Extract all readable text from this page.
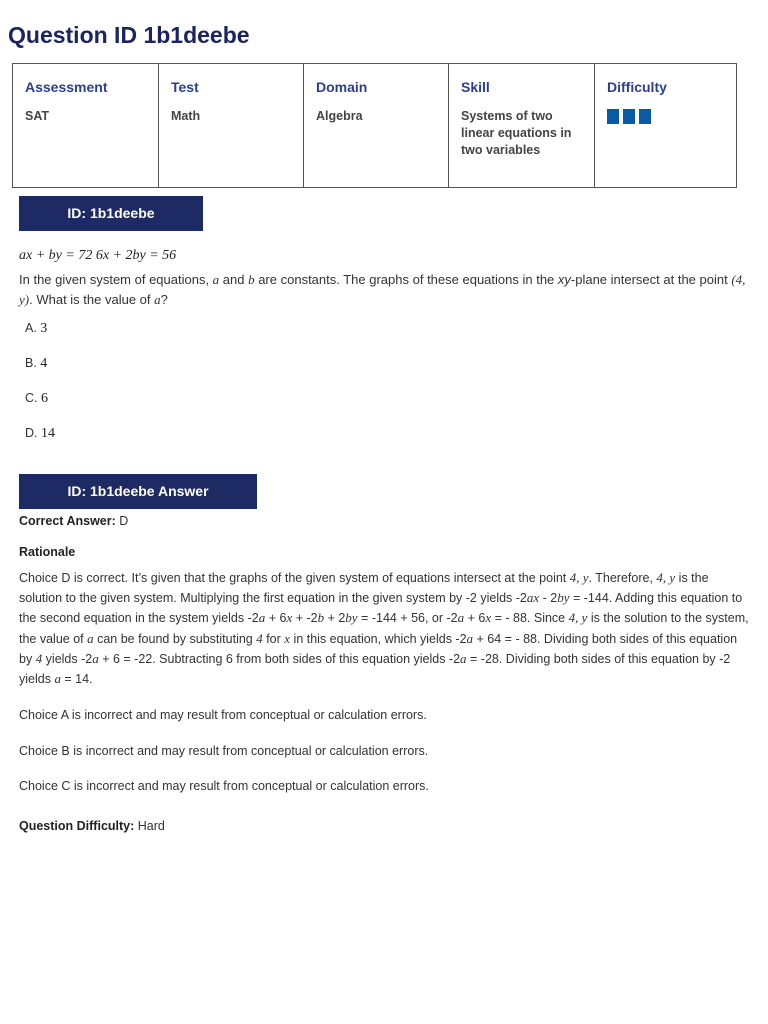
Question ID 1b1deebe
Assessment
SAT

Test
Math

Domain
Algebra

Skill
Systems of two linear equations in two variables

Difficulty
ID: 1b1deebe
ax + by = 72 6x + 2by = 56
In the given system of equations, a and b are constants. The graphs of these equations in the xy-plane intersect at the point (4, y). What is the value of a?
A. 3
B. 4
C. 6
D. 14
ID: 1b1deebe Answer
Correct Answer: D
Rationale
Choice D is correct. It’s given that the graphs of the given system of equations intersect at the point 4, y. Therefore, 4, y is the solution to the given system. Multiplying the first equation in the given system by -2 yields -2ax - 2by = -144. Adding this equation to the second equation in the system yields -2a + 6x + -2b + 2by = -144 + 56, or -2a + 6x = - 88. Since 4, y is the solution to the system, the value of a can be found by substituting 4 for x in this equation, which yields -2a + 64 = - 88. Dividing both sides of this equation by 4 yields -2a + 6 = -22. Subtracting 6 from both sides of this equation yields -2a = -28. Dividing both sides of this equation by -2 yields a = 14.
Choice A is incorrect and may result from conceptual or calculation errors.
Choice B is incorrect and may result from conceptual or calculation errors.
Choice C is incorrect and may result from conceptual or calculation errors.
Question Difficulty: Hard
